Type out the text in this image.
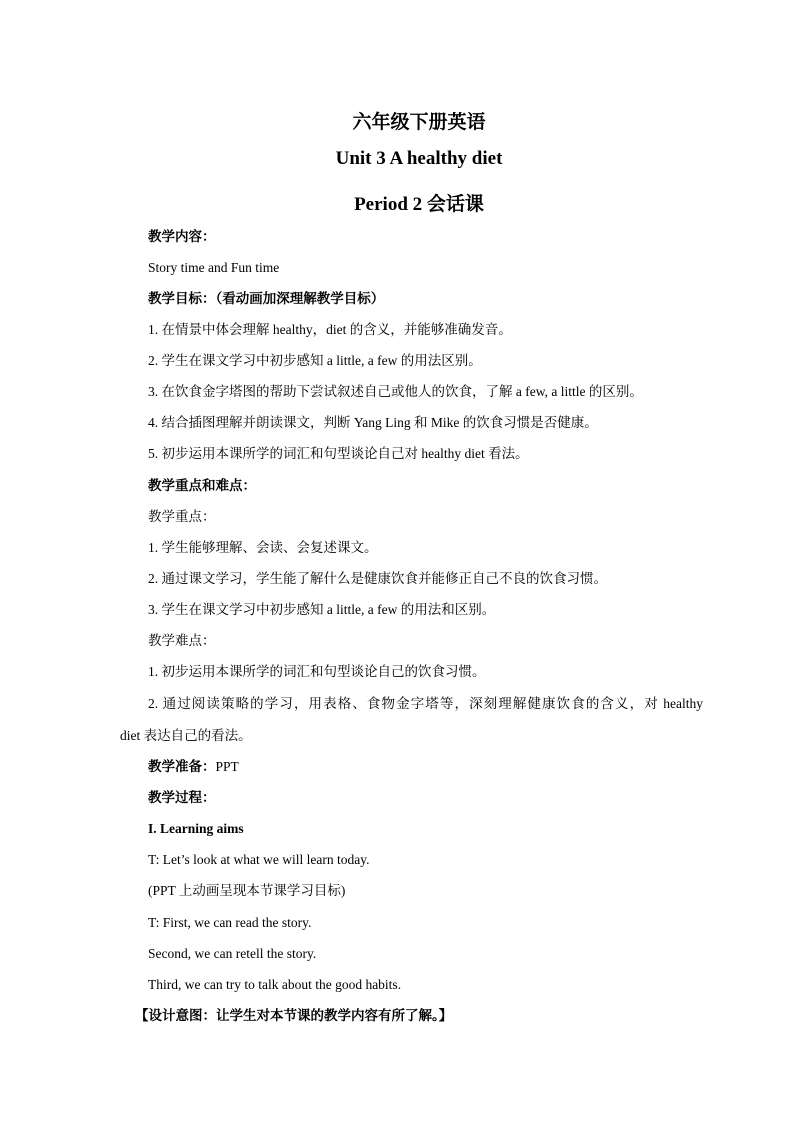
六年级下册英语
Unit 3 A healthy diet
Period 2 会话课
教学内容：
Story time and Fun time
教学目标：（看动画加深理解教学目标）
1. 在情景中体会理解 healthy，diet 的含义，并能够准确发音。
2. 学生在课文学习中初步感知 a little, a few 的用法区别。
3. 在饮食金字塔图的帮助下尝试叙述自己或他人的饮食，了解 a few, a little 的区别。
4. 结合插图理解并朗读课文，判断 Yang Ling 和 Mike 的饮食习惯是否健康。
5. 初步运用本课所学的词汇和句型谈论自己对 healthy diet 看法。
教学重点和难点：
教学重点：
1. 学生能够理解、会读、会复述课文。
2. 通过课文学习，学生能了解什么是健康饮食并能修正自己不良的饮食习惯。
3. 学生在课文学习中初步感知 a little, a few 的用法和区别。
教学难点：
1. 初步运用本课所学的词汇和句型谈论自己的饮食习惯。
2. 通过阅读策略的学习，用表格、食物金字塔等，深刻理解健康饮食的含义，对 healthy
diet 表达自己的看法。
教学准备：PPT
教学过程：
I. Learning aims
T: Let’s look at what we will learn today.
(PPT 上动画呈现本节课学习目标)
T: First, we can read the story.
Second, we can retell the story.
Third, we can try to talk about the good habits.
【设计意图：让学生对本节课的教学内容有所了解。】
